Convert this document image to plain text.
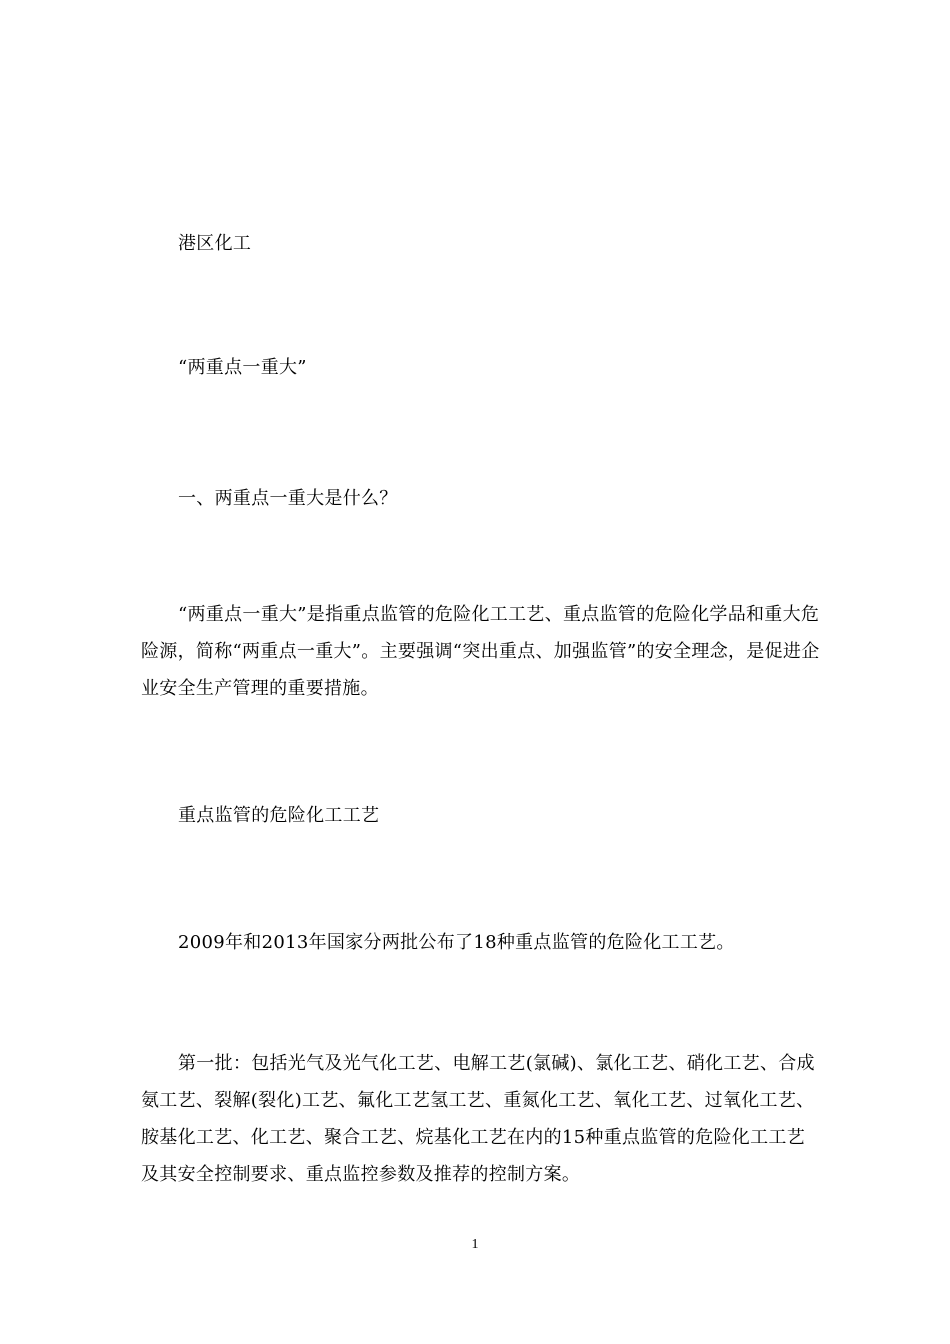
港区化工

“两重点一重大”

一、两重点一重大是什么？

“两重点一重大”是指重点监管的危险化工工艺、重点监管的危险化学品和重大危险源，简称“两重点一重大”。主要强调“突出重点、加强监管”的安全理念，是促进企业安全生产管理的重要措施。

重点监管的危险化工工艺

2009年和2013年国家分两批公布了18种重点监管的危险化工工艺。

第一批：包括光气及光气化工艺、电解工艺(氯碱)、氯化工艺、硝化工艺、合成氨工艺、裂解(裂化)工艺、氟化工艺氢工艺、重氮化工艺、氧化工艺、过氧化工艺、胺基化工艺、化工艺、聚合工艺、烷基化工艺在内的15种重点监管的危险化工工艺及其安全控制要求、重点监控参数及推荐的控制方案。

1
